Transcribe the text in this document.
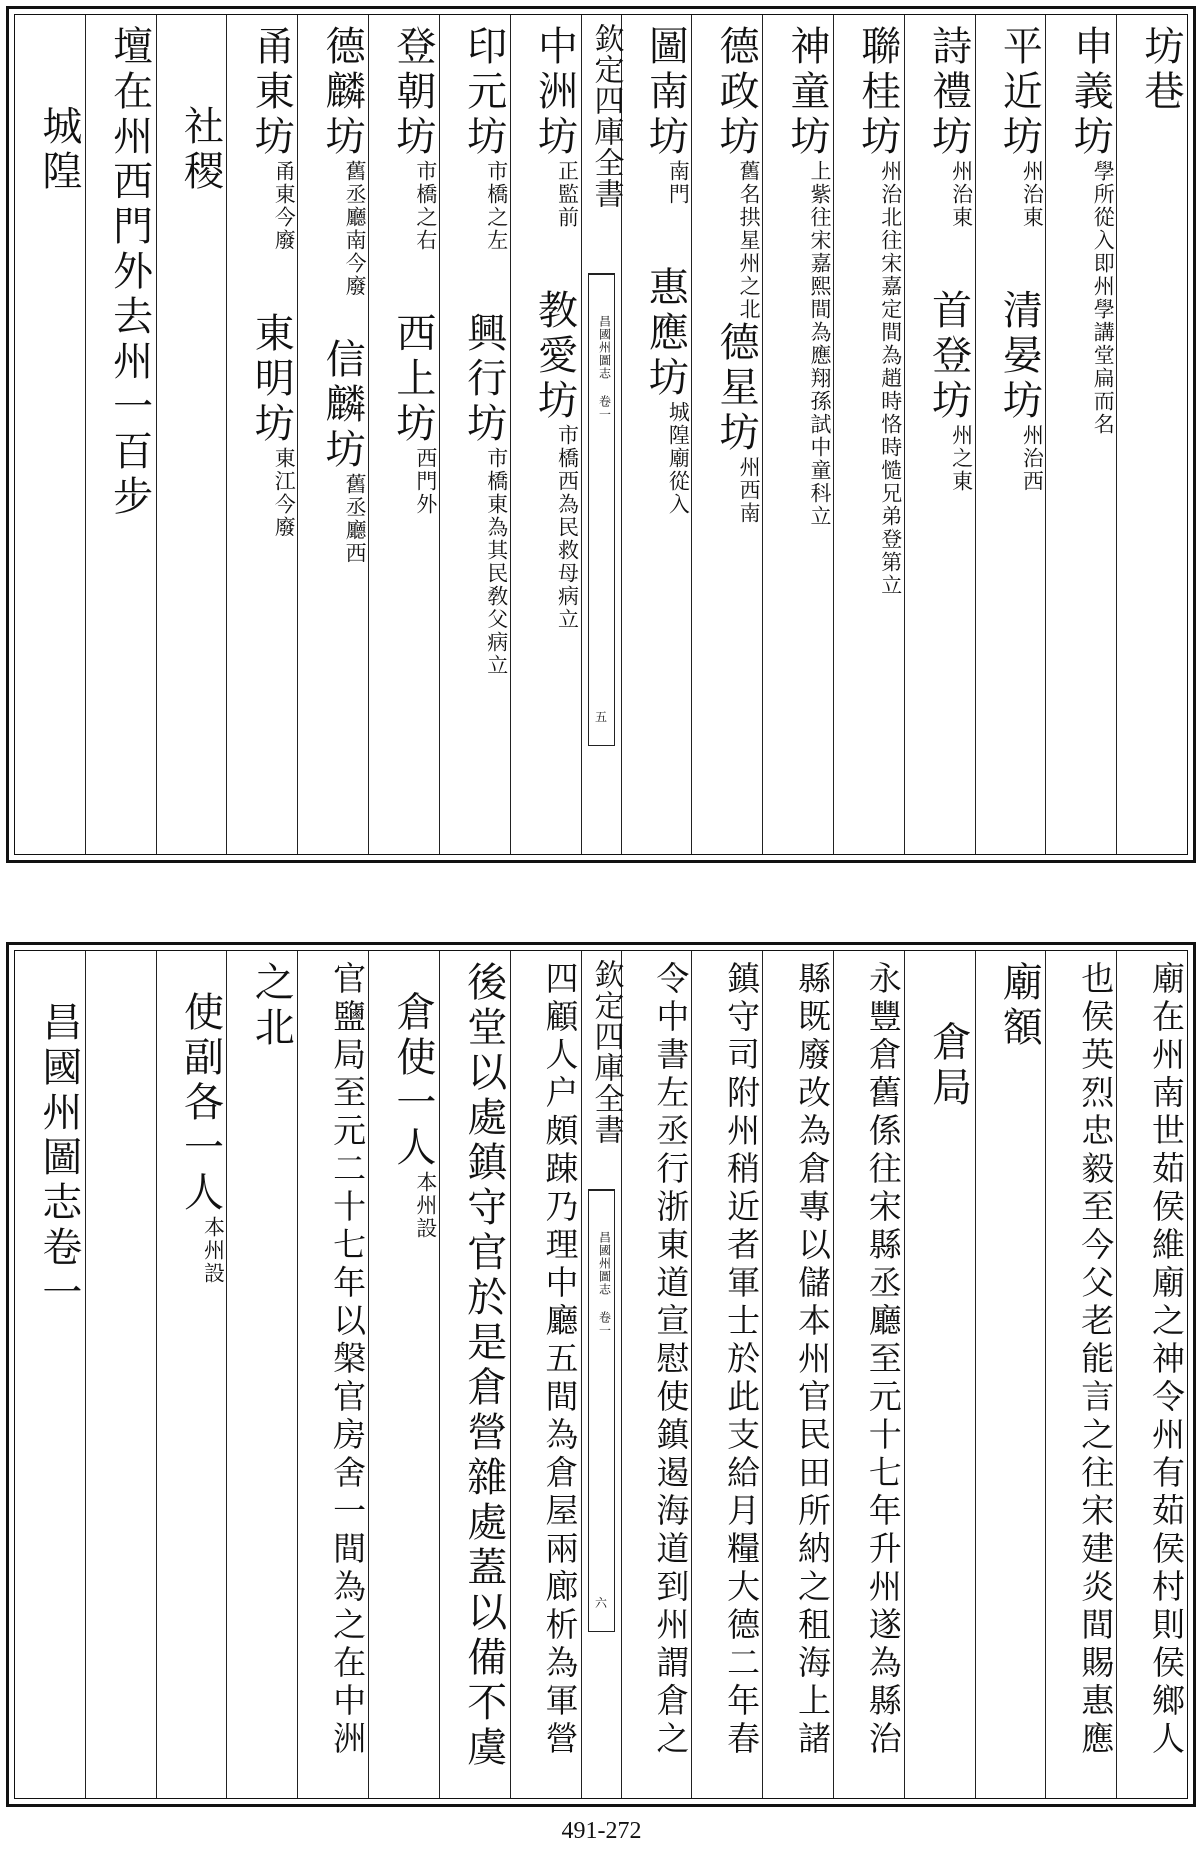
坊巷
申義坊
學所從入即州學講堂扁而名
平近坊
州治東
清晏坊
州治西
詩禮坊
州治東
首登坊
州之東
聯桂坊
州治北往宋嘉定間為趙時恪時慥兄弟登第立
神童坊
上紫往宋嘉熙間為應翔孫試中童科立
德政坊
舊名拱星州之北
德星坊
州西南
圖南坊
南門
惠應坊
城隍廟從入
欽定四庫全書
昌國州圖志 卷一
五
中洲坊
正監前
教愛坊
市橋西為民救母病立
印元坊
市橋之左
興行坊
市橋東為其民敎父病立
登朝坊
市橋之右
西上坊
西門外
德麟坊
舊丞廳南今廢
信麟坊
舊丞廳西
甬東坊
甬東今廢
東明坊
東江今廢
社稷
壇在州西門外去州一百步
城隍
廟在州南世茹侯維廟之神令州有茹侯村則侯鄉人
也侯英烈忠毅至今父老能言之往宋建炎間賜惠應
廟額
倉局
永豐倉舊係往宋縣丞廳至元十七年升州遂為縣治
縣既廢改為倉專以儲本州官民田所納之租海上諸
鎮守司附州稍近者軍士於此支給月糧大德二年春
令中書左丞行浙東道宣慰使鎮遏海道到州謂倉之
欽定四庫全書
昌國州圖志 卷一
六
四顧人户頗踈乃理中廳五間為倉屋兩廊析為軍營
後堂以處鎮守官於是倉營雜處蓋以備不虞
倉使一人
本州設
官鹽局至元二十七年以槃官房舍一間為之在中洲
之北
使副各一人
本州設
昌國州圖志卷一
491-272
